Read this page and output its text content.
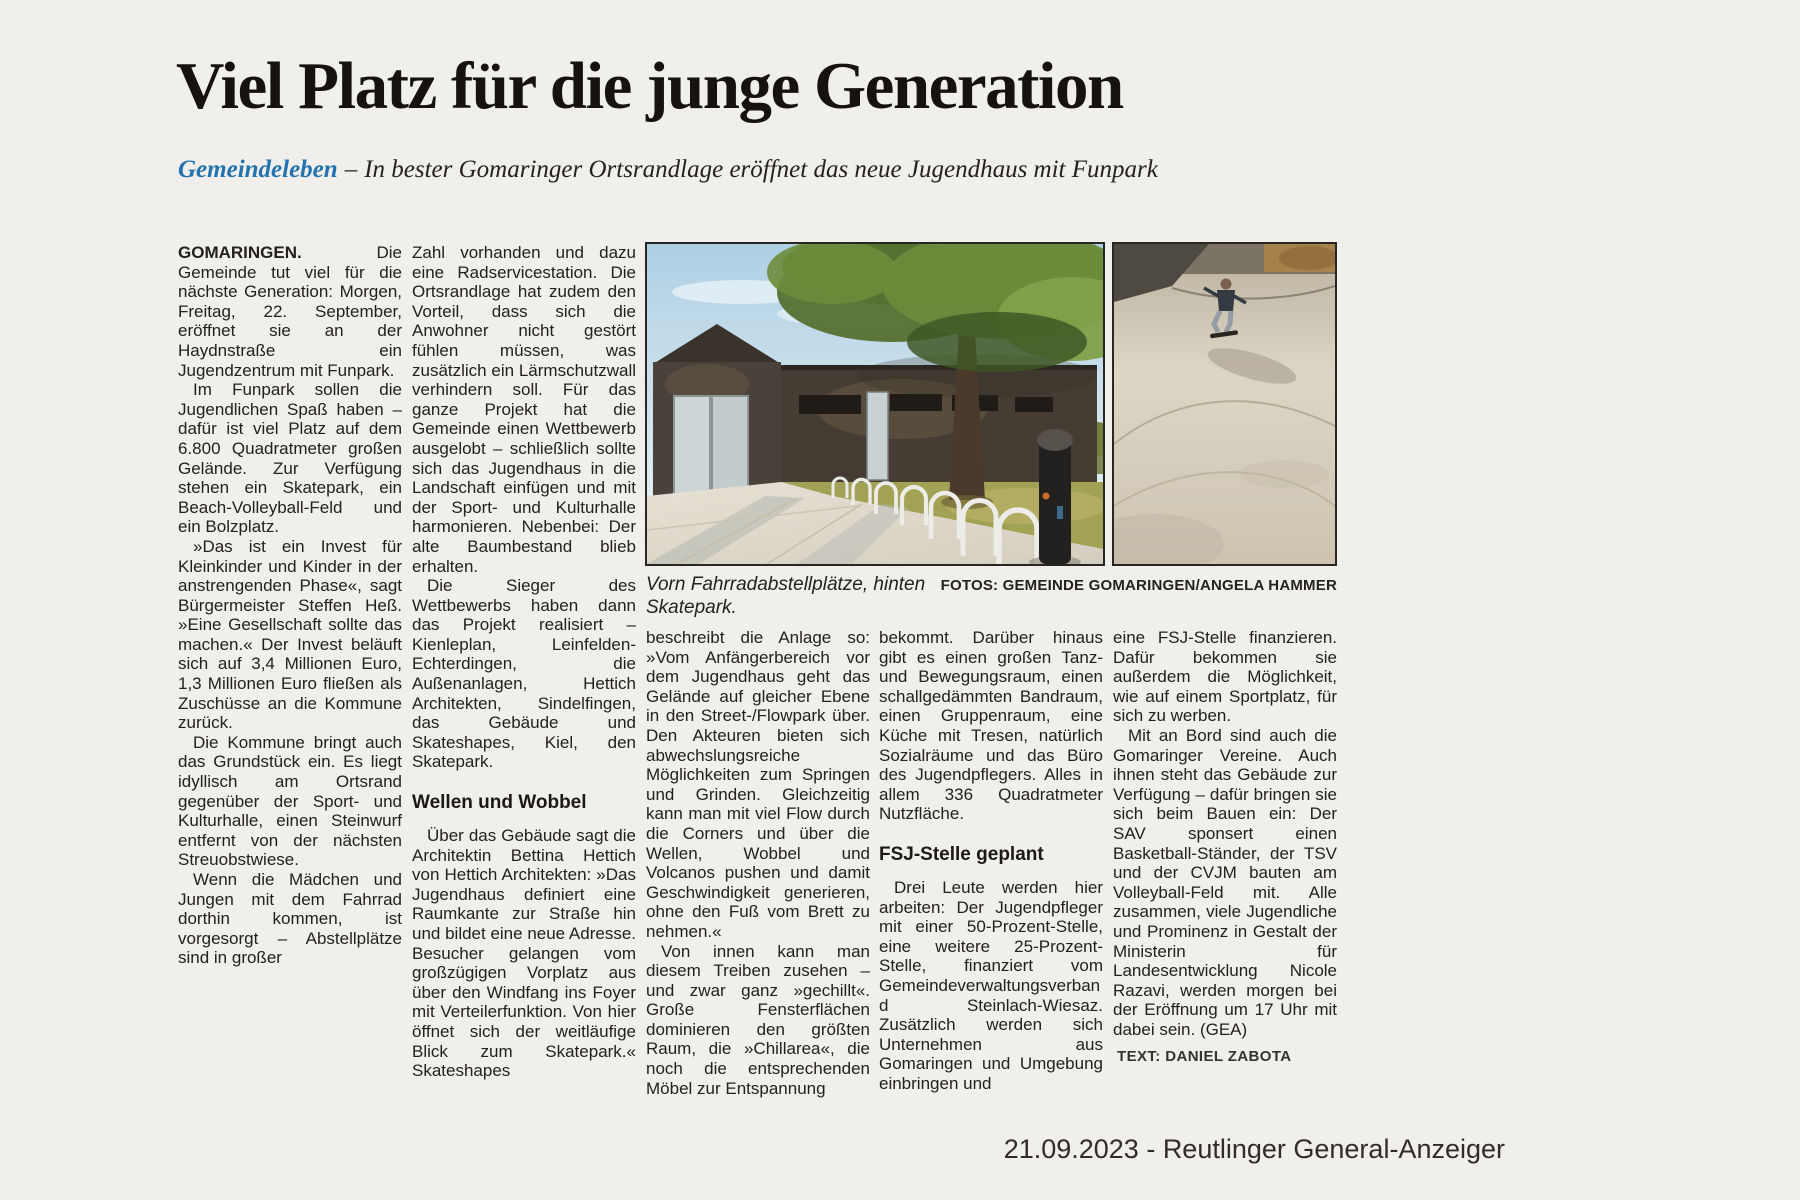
Viel Platz für die junge Generation
Gemeindeleben – In bester Gomaringer Ortsrandlage eröffnet das neue Jugendhaus mit Funpark

GOMARINGEN. Die Gemeinde tut viel für die nächste Generation: Morgen, Freitag, 22. September, eröffnet sie an der Haydnstraße ein Jugendzentrum mit Funpark.

Im Funpark sollen die Jugendlichen Spaß haben – dafür ist viel Platz auf dem 6.800 Quadratmeter großen Gelände. Zur Verfügung stehen ein Skatepark, ein Beach-Volleyball-Feld und ein Bolzplatz.

»Das ist ein Invest für Kleinkinder und Kinder in der anstrengenden Phase«, sagt Bürgermeister Steffen Heß. »Eine Gesellschaft sollte das machen.« Der Invest beläuft sich auf 3,4 Millionen Euro, 1,3 Millionen Euro fließen als Zuschüsse an die Kommune zurück.

Die Kommune bringt auch das Grundstück ein. Es liegt idyllisch am Ortsrand gegenüber der Sport- und Kulturhalle, einen Steinwurf entfernt von der nächsten Streuobstwiese.

Wenn die Mädchen und Jungen mit dem Fahrrad dorthin kommen, ist vorgesorgt – Abstellplätze sind in großer

Zahl vorhanden und dazu eine Radservicestation. Die Ortsrandlage hat zudem den Vorteil, dass sich die Anwohner nicht gestört fühlen müssen, was zusätzlich ein Lärmschutzwall verhindern soll. Für das ganze Projekt hat die Gemeinde einen Wettbewerb ausgelobt – schließlich sollte sich das Jugendhaus in die Landschaft einfügen und mit der Sport- und Kulturhalle harmonieren. Nebenbei: Der alte Baumbestand blieb erhalten.

Die Sieger des Wettbewerbs haben dann das Projekt realisiert – Kienleplan, Leinfelden-Echterdingen, die Außenanlagen, Hettich Architekten, Sindelfingen, das Gebäude und Skateshapes, Kiel, den Skatepark.

Wellen und Wobbel

Über das Gebäude sagt die Architektin Bettina Hettich von Hettich Architekten: »Das Jugendhaus definiert eine Raumkante zur Straße hin und bildet eine neue Adresse. Besucher gelangen vom großzügigen Vorplatz aus über den Windfang ins Foyer mit Verteilerfunktion. Von hier öffnet sich der weitläufige Blick zum Skatepark.« Skateshapes

beschreibt die Anlage so: »Vom Anfängerbereich vor dem Jugendhaus geht das Gelände auf gleicher Ebene in den Street-/Flowpark über. Den Akteuren bieten sich abwechslungsreiche Möglichkeiten zum Springen und Grinden. Gleichzeitig kann man mit viel Flow durch die Corners und über die Wellen, Wobbel und Volcanos pushen und damit Geschwindigkeit generieren, ohne den Fuß vom Brett zu nehmen.«

Von innen kann man diesem Treiben zusehen – und zwar ganz »gechillt«. Große Fensterflächen dominieren den größten Raum, die »Chillarea«, die noch die entsprechenden Möbel zur Entspannung

bekommt. Darüber hinaus gibt es einen großen Tanz- und Bewegungsraum, einen schallgedämmten Bandraum, einen Gruppenraum, eine Küche mit Tresen, natürlich Sozialräume und das Büro des Jugendpflegers. Alles in allem 336 Quadratmeter Nutzfläche.

FSJ-Stelle geplant

Drei Leute werden hier arbeiten: Der Jugendpfleger mit einer 50-Prozent-Stelle, eine weitere 25-Prozent-Stelle, finanziert vom Gemeindeverwaltungsverband Steinlach-Wiesaz. Zusätzlich werden sich Unternehmen aus Gomaringen und Umgebung einbringen und

eine FSJ-Stelle finanzieren. Dafür bekommen sie außerdem die Möglichkeit, wie auf einem Sportplatz, für sich zu werben.

Mit an Bord sind auch die Gomaringer Vereine. Auch ihnen steht das Gebäude zur Verfügung – dafür bringen sie sich beim Bauen ein: Der SAV sponsert einen Basketball-Ständer, der TSV und der CVJM bauten am Volleyball-Feld mit. Alle zusammen, viele Jugendliche und Prominenz in Gestalt der Ministerin für Landesentwicklung Nicole Razavi, werden morgen bei der Eröffnung um 17 Uhr mit dabei sein. (GEA)

Vorn Fahrradabstellplätze, hinten Skatepark.
FOTOS: GEMEINDE GOMARINGEN/ANGELA HAMMER
TEXT: DANIEL ZABOTA
21.09.2023 - Reutlinger General-Anzeiger
